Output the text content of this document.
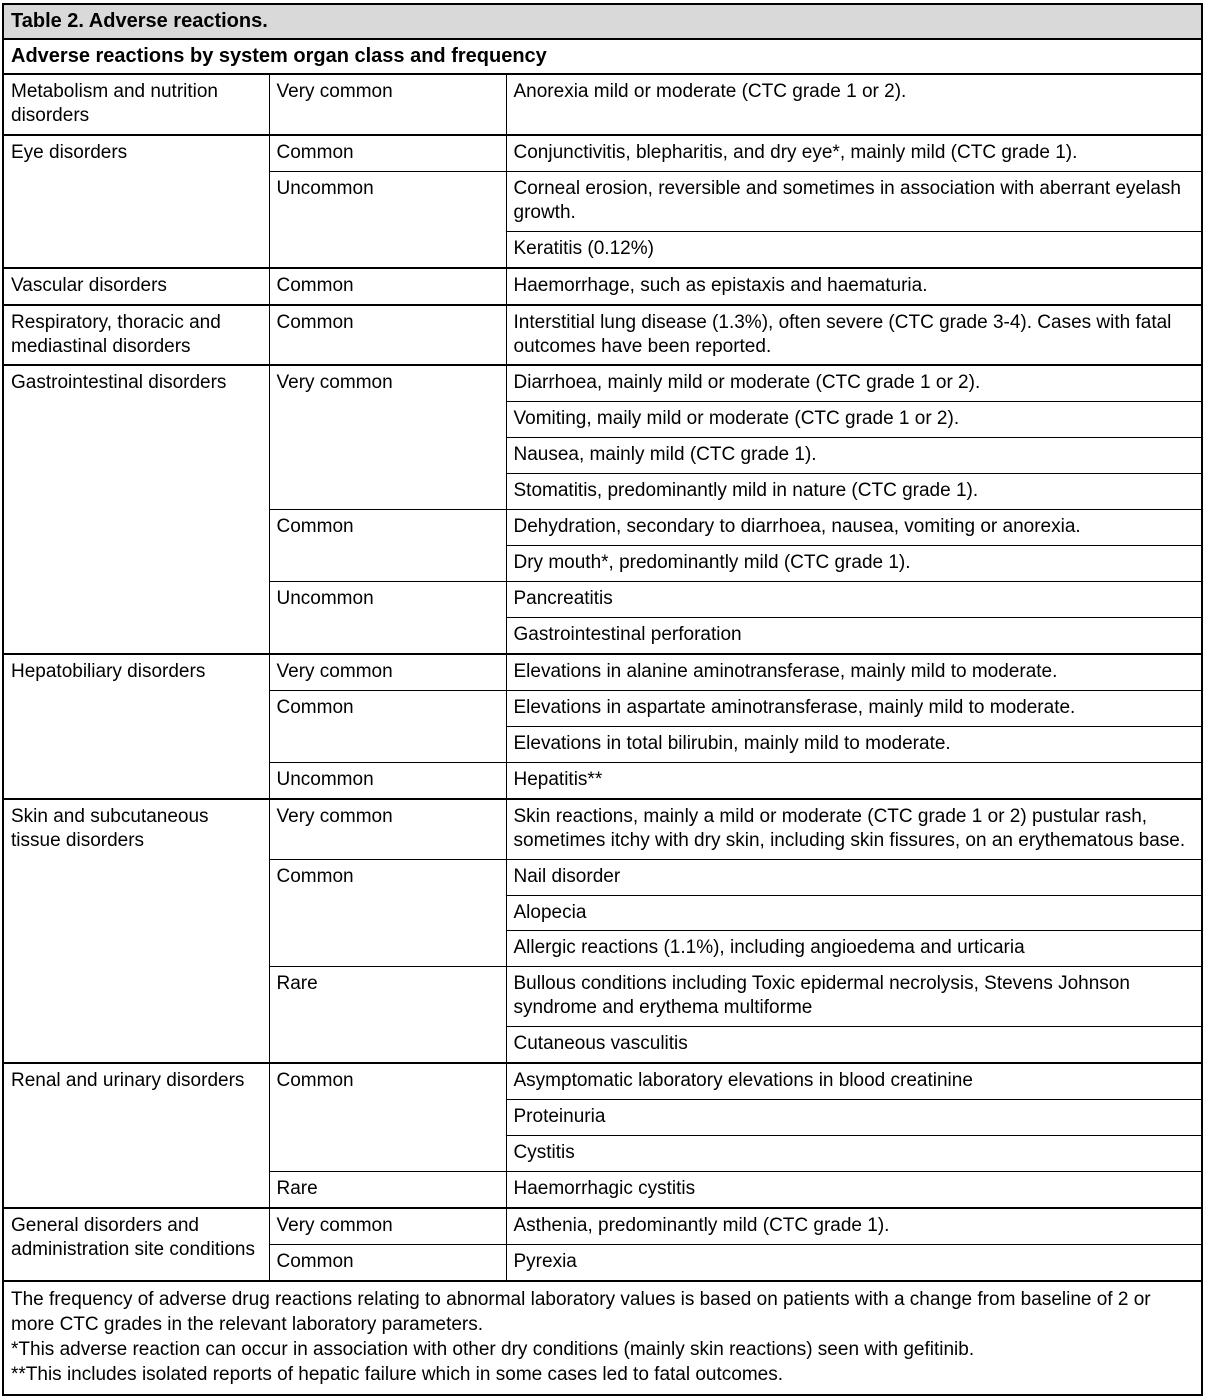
Table 2. Adverse reactions.		
Adverse reactions by system organ class and frequency		
Metabolism and nutrition disorders	Very common	Anorexia mild or moderate (CTC grade 1 or 2).
Eye disorders	Common	Conjunctivitis, blepharitis, and dry eye*, mainly mild (CTC grade 1).
	Uncommon	Corneal erosion, reversible and sometimes in association with aberrant eyelash growth.
		Keratitis (0.12%)
Vascular disorders	Common	Haemorrhage, such as epistaxis and haematuria.
Respiratory, thoracic and mediastinal disorders	Common	Interstitial lung disease (1.3%), often severe (CTC grade 3-4). Cases with fatal outcomes have been reported.
Gastrointestinal disorders	Very common	Diarrhoea, mainly mild or moderate (CTC grade 1 or 2).
		Vomiting, maily mild or moderate (CTC grade 1 or 2).
		Nausea, mainly mild (CTC grade 1).
		Stomatitis, predominantly mild in nature (CTC grade 1).
	Common	Dehydration, secondary to diarrhoea, nausea, vomiting or anorexia.
		Dry mouth*, predominantly mild (CTC grade 1).
	Uncommon	Pancreatitis
		Gastrointestinal perforation
Hepatobiliary disorders	Very common	Elevations in alanine aminotransferase, mainly mild to moderate.
	Common	Elevations in aspartate aminotransferase, mainly mild to moderate.
		Elevations in total bilirubin, mainly mild to moderate.
	Uncommon	Hepatitis**
Skin and subcutaneous tissue disorders	Very common	Skin reactions, mainly a mild or moderate (CTC grade 1 or 2) pustular rash, sometimes itchy with dry skin, including skin fissures, on an erythematous base.
	Common	Nail disorder
		Alopecia
		Allergic reactions (1.1%), including angioedema and urticaria
	Rare	Bullous conditions including Toxic epidermal necrolysis, Stevens Johnson syndrome and erythema multiforme
		Cutaneous vasculitis
Renal and urinary disorders	Common	Asymptomatic laboratory elevations in blood creatinine
		Proteinuria
		Cystitis
	Rare	Haemorrhagic cystitis
General disorders and administration site conditions	Very common	Asthenia, predominantly mild (CTC grade 1).
	Common	Pyrexia

The frequency of adverse drug reactions relating to abnormal laboratory values is based on patients with a change from baseline of 2 or more CTC grades in the relevant laboratory parameters.

*This adverse reaction can occur in association with other dry conditions (mainly skin reactions) seen with gefitinib.

**This includes isolated reports of hepatic failure which in some cases led to fatal outcomes.		
